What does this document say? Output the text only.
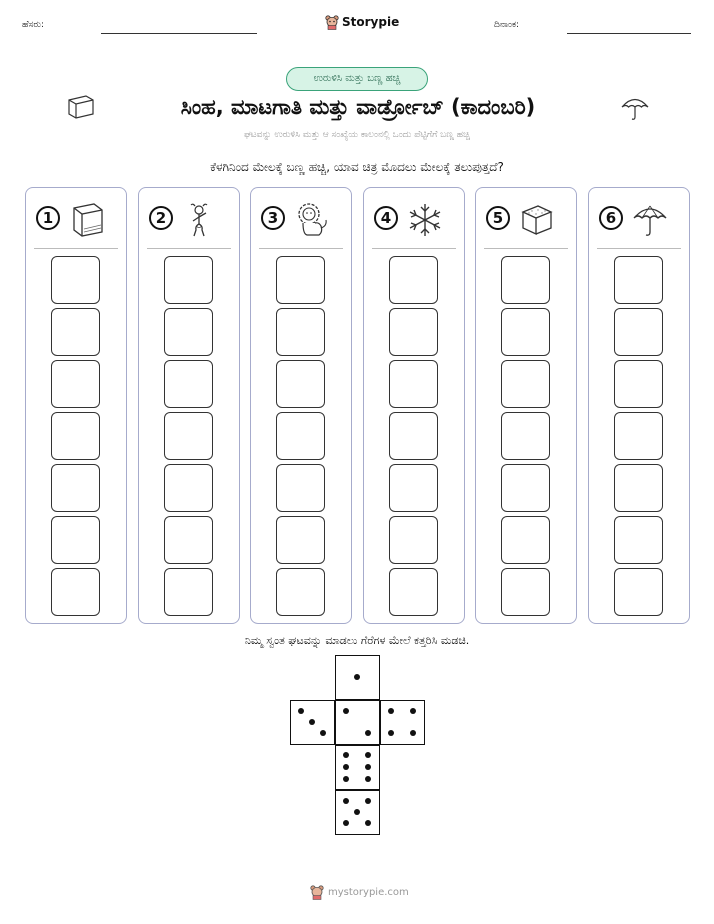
ಹೆಸರು:	Storypie	ದಿನಾಂಕ:
ಉರುಳಿಸಿ ಮತ್ತು ಬಣ್ಣ ಹಚ್ಚಿ
ಸಿಂಹ, ಮಾಟಗಾತಿ ಮತ್ತು ವಾರ್ಡ್ರೋಬ್ (ಕಾದಂಬರಿ)
ಘಟವನ್ನು ಉರುಳಿಸಿ ಮತ್ತು ಆ ಸಂಖ್ಯೆಯ ಕಾಲಂನಲ್ಲಿ ಒಂದು ಪೆಟ್ಟಿಗೆಗೆ ಬಣ್ಣ ಹಚ್ಚಿ
ಕೆಳಗಿನಿಂದ ಮೇಲಕ್ಕೆ ಬಣ್ಣ ಹಚ್ಚಿ, ಯಾವ ಚಿತ್ರ ಮೊದಲು ಮೇಲಕ್ಕೆ ತಲುಪುತ್ತದೆ?
1	2	3	4	5	6
ನಿಮ್ಮ ಸ್ವಂತ ಘಟವನ್ನು ಮಾಡಲು ಗೆರೆಗಳ ಮೇಲೆ ಕತ್ತರಿಸಿ ಮಡಚಿ.
mystorypie.com
